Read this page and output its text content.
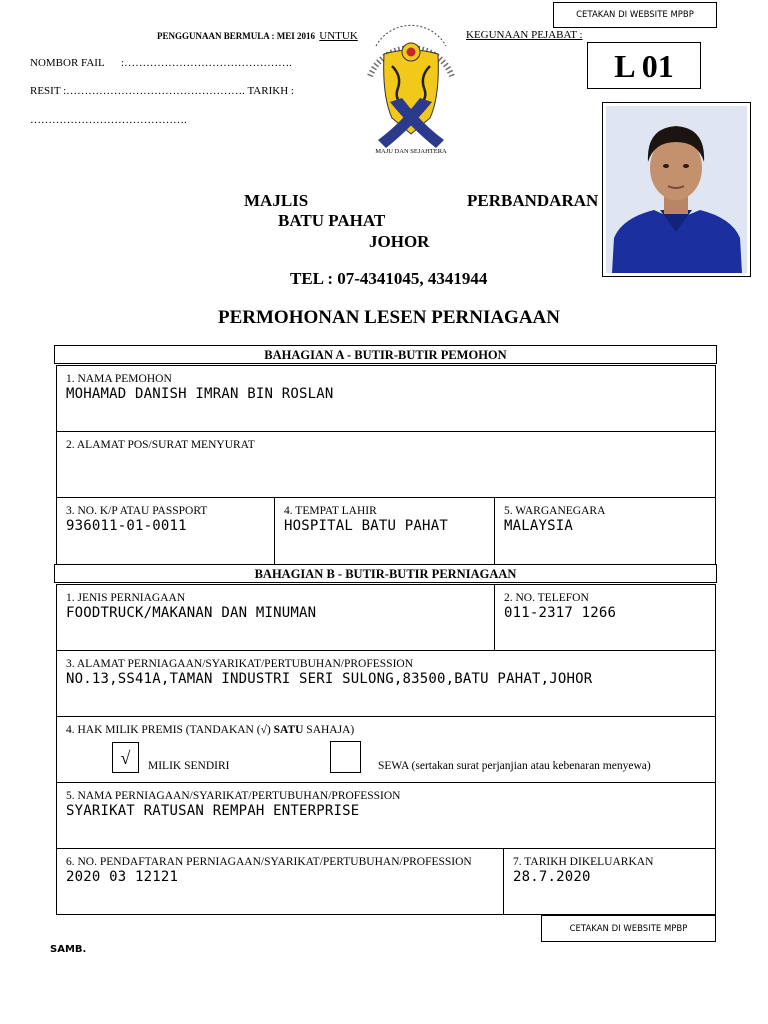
CETAKAN DI WEBSITE MPBP
PENGGUNAAN BERMULA : MEI 2016 UNTUK	KEGUNAAN PEJABAT :
L 01
NOMBOR FAIL :……………………………………….
RESIT :…………………………………………. TARIKH :
…………………………………….
MAJU DAN SEJAHTERA
MAJLIS	PERBANDARAN
BATU PAHAT
JOHOR
TEL : 07-4341045, 4341944
PERMOHONAN LESEN PERNIAGAAN
BAHAGIAN A - BUTIR-BUTIR PEMOHON
1. NAMA PEMOHON
MOHAMAD DANISH IMRAN BIN ROSLAN
2. ALAMAT POS/SURAT MENYURAT
3. NO. K/P ATAU PASSPORT
936011-01-0011
4. TEMPAT LAHIR
HOSPITAL BATU PAHAT
5. WARGANEGARA
MALAYSIA
BAHAGIAN B - BUTIR-BUTIR PERNIAGAAN
1. JENIS PERNIAGAAN
FOODTRUCK/MAKANAN DAN MINUMAN
2. NO. TELEFON
011-2317 1266
3. ALAMAT PERNIAGAAN/SYARIKAT/PERTUBUHAN/PROFESSION
NO.13,SS41A,TAMAN INDUSTRI SERI SULONG,83500,BATU PAHAT,JOHOR
4. HAK MILIK PREMIS (TANDAKAN (√) SATU SAHAJA)
√	MILIK SENDIRI	SEWA (sertakan surat perjanjian atau kebenaran menyewa)
5. NAMA PERNIAGAAN/SYARIKAT/PERTUBUHAN/PROFESSION
SYARIKAT RATUSAN REMPAH ENTERPRISE
6. NO. PENDAFTARAN PERNIAGAAN/SYARIKAT/PERTUBUHAN/PROFESSION
2020 03 12121
7. TARIKH DIKELUARKAN
28.7.2020
CETAKAN DI WEBSITE MPBP
SAMB.
